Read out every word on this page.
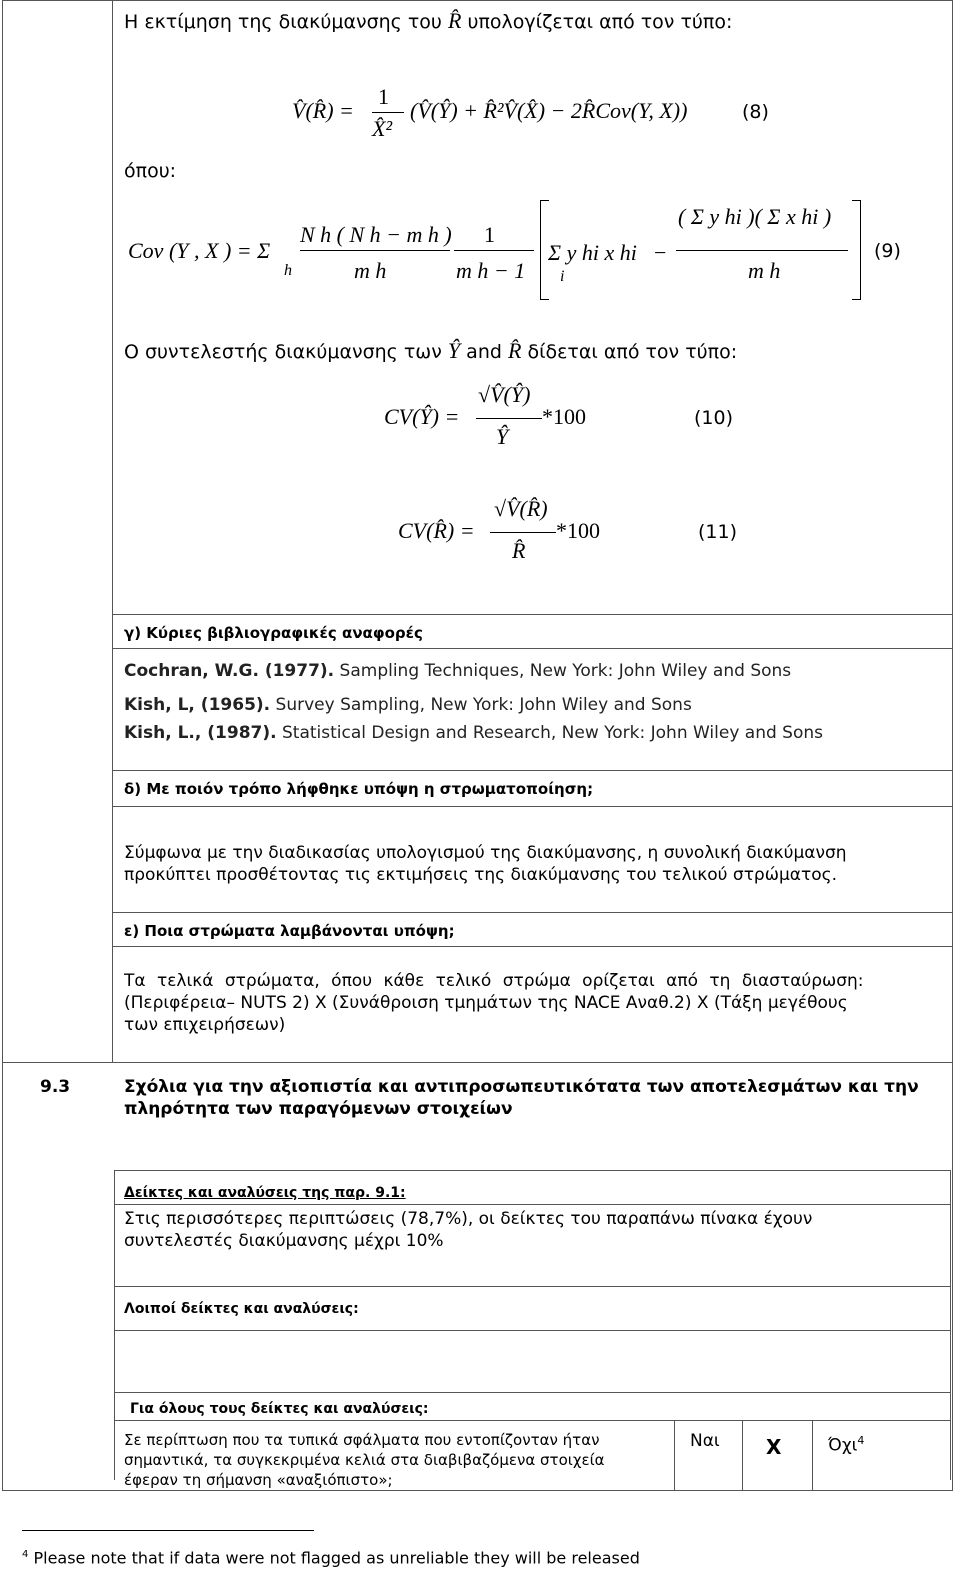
Η εκτίμηση της διακύμανσης του R̂ υπολογίζεται από τον τύπο:
V̂(R̂) =
1
X̂²
(V̂(Ŷ) + R̂²V̂(X̂) − 2R̂Cov(Y, X))	(8)
όπου:
Cov (Y , X ) = Σ
h
N h ( N h − m h )
m h
1
m h − 1
Σ y hi x hi
i
−
( Σ y hi )( Σ x hi )
m h
(9)
Ο συντελεστής διακύμανσης των Ŷ and R̂ δίδεται από τον τύπο:
CV(Ŷ) =
√V̂(Ŷ)
Ŷ
*100	(10)
CV(R̂) =
√V̂(R̂)
R̂
*100	(11)
γ) Κύριες βιβλιογραφικές αναφορές
Cochran, W.G. (1977). Sampling Techniques, New York: John Wiley and Sons
Kish, L, (1965). Survey Sampling, New York: John Wiley and Sons
Kish, L., (1987). Statistical Design and Research, New York: John Wiley and Sons
δ) Με ποιόν τρόπο λήφθηκε υπόψη η στρωματοποίηση;
Σύμφωνα με την διαδικασίας υπολογισμού της διακύμανσης, η συνολική διακύμανση
προκύπτει προσθέτοντας τις εκτιμήσεις της διακύμανσης του τελικού στρώματος.
ε) Ποια στρώματα λαμβάνονται υπόψη;
Τα τελικά στρώματα, όπου κάθε τελικό στρώμα ορίζεται από τη διασταύρωση:
(Περιφέρεια– NUTS 2) Χ (Συνάθροιση τμημάτων της NACE Αναθ.2) Χ (Τάξη μεγέθους
των επιχειρήσεων)
9.3	Σχόλια για την αξιοπιστία και αντιπροσωπευτικότατα των αποτελεσμάτων και την
πληρότητα των παραγόμενων στοιχείων
Δείκτες και αναλύσεις της παρ. 9.1:
Στις περισσότερες περιπτώσεις (78,7%), οι δείκτες του παραπάνω πίνακα έχουν
συντελεστές διακύμανσης μέχρι 10%
Λοιποί δείκτες και αναλύσεις:
Για όλους τους δείκτες και αναλύσεις:
Σε περίπτωση που τα τυπικά σφάλματα που εντοπίζονταν ήταν
σημαντικά, τα συγκεκριμένα κελιά στα διαβιβαζόμενα στοιχεία
έφεραν τη σήμανση «αναξιόπιστο»;
Ναι X	Όχι$^4$
$^4$ Please note that if data were not flagged as unreliable they will be released
